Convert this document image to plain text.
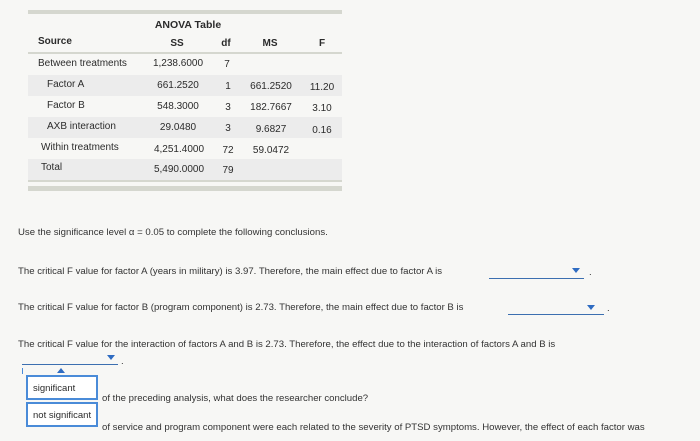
ANOVA Table
Source	SS	df	MS	F
Between treatments	1,238.6000 7
Factor A	661.2520	1 661.2520 11.20
Factor B	548.3000	3 182.7667 3.10
AXB interaction	29.0480	3 9.6827	0.16
Within treatments	4,251.4000 72 59.0472
Total	5,490.0000 79
Use the significance level α = 0.05 to complete the following conclusions.
The critical F value for factor A (years in military) is 3.97. Therefore, the main effect due to factor A is	.
The critical F value for factor B (program component) is 2.73. Therefore, the main effect due to factor B is	.
The critical F value for the interaction of factors A and B is 2.73. Therefore, the effect due to the interaction of factors A and B is
.
significant
not significant
of the preceding analysis, what does the researcher conclude?
of service and program component were each related to the severity of PTSD symptoms. However, the effect of each factor was
